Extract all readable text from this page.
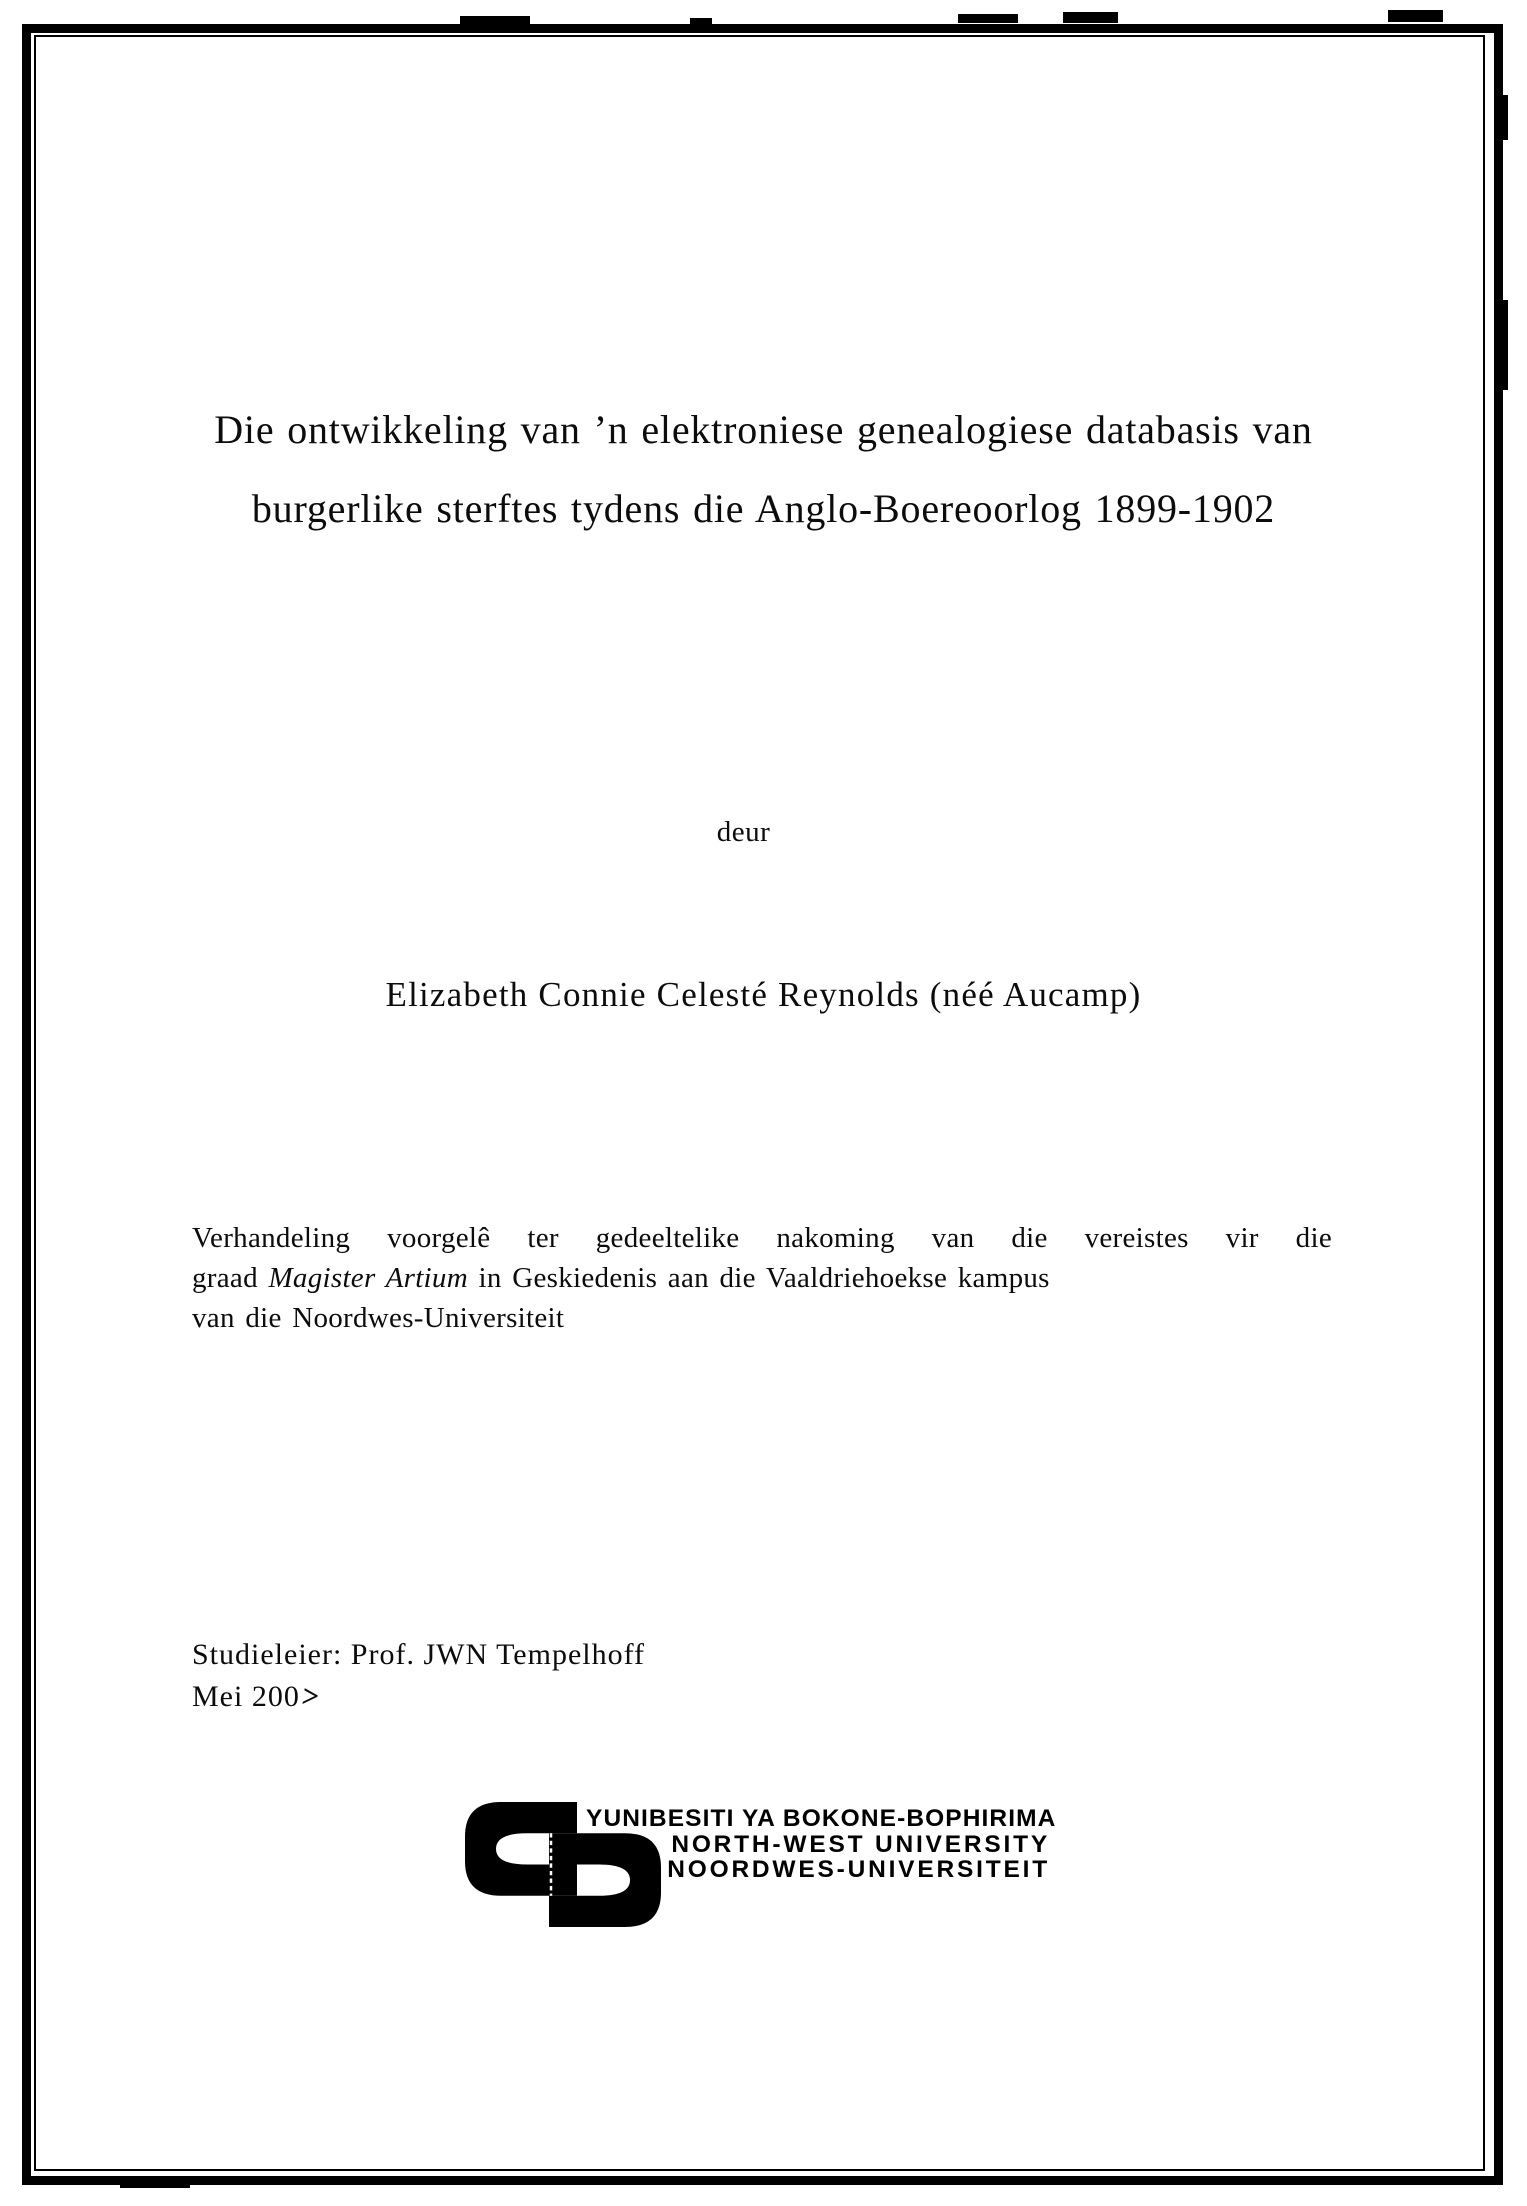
Die ontwikkeling van ’n elektroniese genealogiese databasis van
burgerlike sterftes tydens die Anglo-Boereoorlog 1899-1902
deur
Elizabeth Connie Celesté Reynolds (néé Aucamp)

Verhandeling voorgelê ter gedeeltelike nakoming van die vereistes vir die
graad Magister Artium in Geskiedenis aan die Vaaldriehoekse kampus
van die Noordwes-Universiteit

Studieleier: Prof. JWN Tempelhoff
Mei 200>
YUNIBESITI YA BOKONE-BOPHIRIMA
NORTH-WEST UNIVERSITY
NOORDWES-UNIVERSITEIT
